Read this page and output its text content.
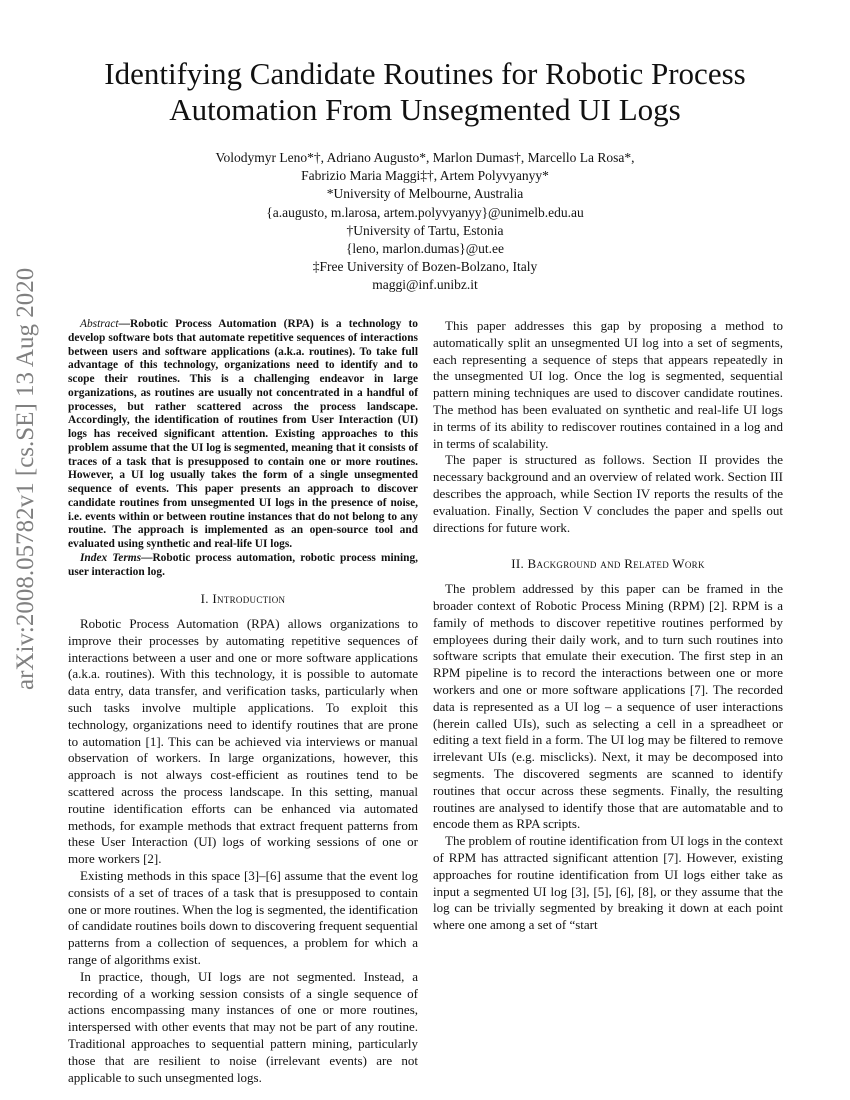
arXiv:2008.05782v1 [cs.SE] 13 Aug 2020
Identifying Candidate Routines for Robotic Process Automation From Unsegmented UI Logs
Volodymyr Leno*†, Adriano Augusto*, Marlon Dumas†, Marcello La Rosa*,
Fabrizio Maria Maggi‡†, Artem Polyvyanyy*
*University of Melbourne, Australia
{a.augusto, m.larosa, artem.polyvyanyy}@unimelb.edu.au
†University of Tartu, Estonia
{leno, marlon.dumas}@ut.ee
‡Free University of Bozen-Bolzano, Italy
maggi@inf.unibz.it

Abstract—Robotic Process Automation (RPA) is a technology to develop software bots that automate repetitive sequences of interactions between users and software applications (a.k.a. routines). To take full advantage of this technology, organizations need to identify and to scope their routines. This is a challenging endeavor in large organizations, as routines are usually not concentrated in a handful of processes, but rather scattered across the process landscape. Accordingly, the identification of routines from User Interaction (UI) logs has received significant attention. Existing approaches to this problem assume that the UI log is segmented, meaning that it consists of traces of a task that is presupposed to contain one or more routines. However, a UI log usually takes the form of a single unsegmented sequence of events. This paper presents an approach to discover candidate routines from unsegmented UI logs in the presence of noise, i.e. events within or between routine instances that do not belong to any routine. The approach is implemented as an open-source tool and evaluated using synthetic and real-life UI logs.

Index Terms—Robotic process automation, robotic process mining, user interaction log.

I. Introduction

Robotic Process Automation (RPA) allows organizations to improve their processes by automating repetitive sequences of interactions between a user and one or more software applications (a.k.a. routines). With this technology, it is possible to automate data entry, data transfer, and verification tasks, particularly when such tasks involve multiple applications. To exploit this technology, organizations need to identify routines that are prone to automation [1]. This can be achieved via interviews or manual observation of workers. In large organizations, however, this approach is not always cost-efficient as routines tend to be scattered across the process landscape. In this setting, manual routine identification efforts can be enhanced via automated methods, for example methods that extract frequent patterns from these User Interaction (UI) logs of working sessions of one or more workers [2].

Existing methods in this space [3]–[6] assume that the event log consists of a set of traces of a task that is presupposed to contain one or more routines. When the log is segmented, the identification of candidate routines boils down to discovering frequent sequential patterns from a collection of sequences, a problem for which a range of algorithms exist.

In practice, though, UI logs are not segmented. Instead, a recording of a working session consists of a single sequence of actions encompassing many instances of one or more routines, interspersed with other events that may not be part of any routine. Traditional approaches to sequential pattern mining, particularly those that are resilient to noise (irrelevant events) are not applicable to such unsegmented logs.

This paper addresses this gap by proposing a method to automatically split an unsegmented UI log into a set of segments, each representing a sequence of steps that appears repeatedly in the unsegmented UI log. Once the log is segmented, sequential pattern mining techniques are used to discover candidate routines. The method has been evaluated on synthetic and real-life UI logs in terms of its ability to rediscover routines contained in a log and in terms of scalability.

The paper is structured as follows. Section II provides the necessary background and an overview of related work. Section III describes the approach, while Section IV reports the results of the evaluation. Finally, Section V concludes the paper and spells out directions for future work.

II. Background and Related Work

The problem addressed by this paper can be framed in the broader context of Robotic Process Mining (RPM) [2]. RPM is a family of methods to discover repetitive routines performed by employees during their daily work, and to turn such routines into software scripts that emulate their execution. The first step in an RPM pipeline is to record the interactions between one or more workers and one or more software applications [7]. The recorded data is represented as a UI log – a sequence of user interactions (herein called UIs), such as selecting a cell in a spreadheet or editing a text field in a form. The UI log may be filtered to remove irrelevant UIs (e.g. misclicks). Next, it may be decomposed into segments. The discovered segments are scanned to identify routines that occur across these segments. Finally, the resulting routines are analysed to identify those that are automatable and to encode them as RPA scripts.

The problem of routine identification from UI logs in the context of RPM has attracted significant attention [7]. However, existing approaches for routine identification from UI logs either take as input a segmented UI log [3], [5], [6], [8], or they assume that the log can be trivially segmented by breaking it down at each point where one among a set of “start
